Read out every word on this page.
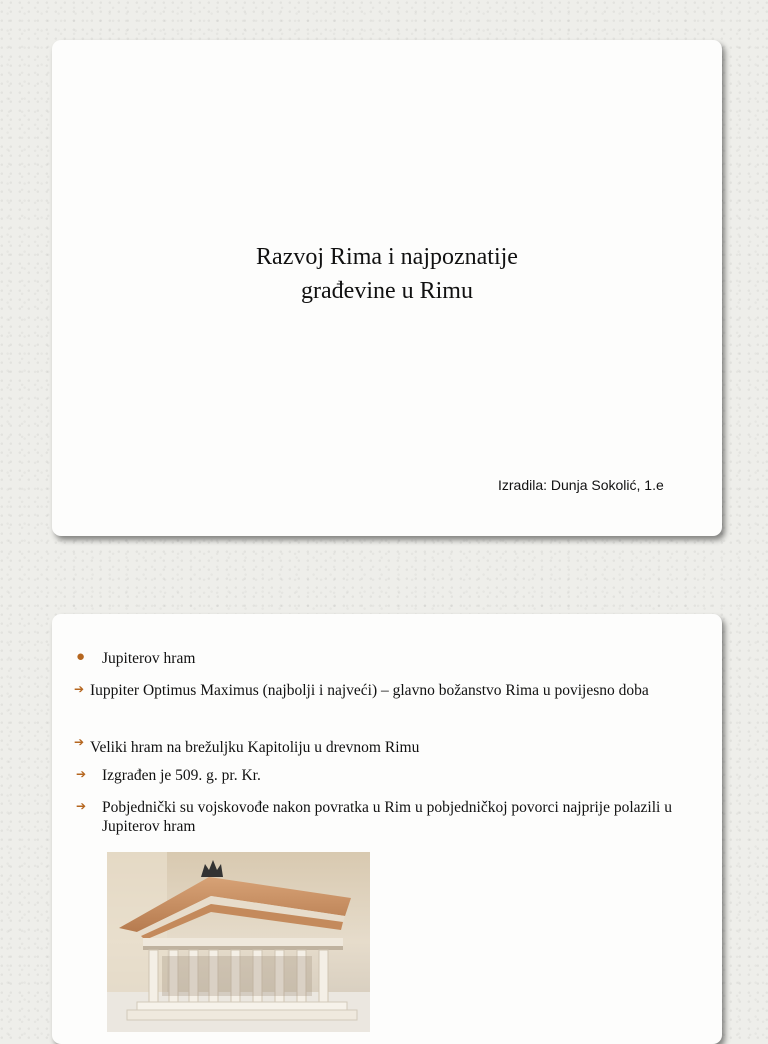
Razvoj Rima i najpoznatije
građevine u Rimu
Izradila: Dunja Sokolić, 1.e
● Jupiterov hram
➔ Iuppiter Optimus Maximus (najbolji i najveći) – glavno božanstvo Rima u povijesno doba
➔ Veliki hram na brežuljku Kapitoliju u drevnom Rimu
➔ Izgrađen je 509. g. pr. Kr.
➔ Pobjednički su vojskovođe nakon povratka u Rim u pobjedničkoj povorci najprije polazili u Jupiterov hram
